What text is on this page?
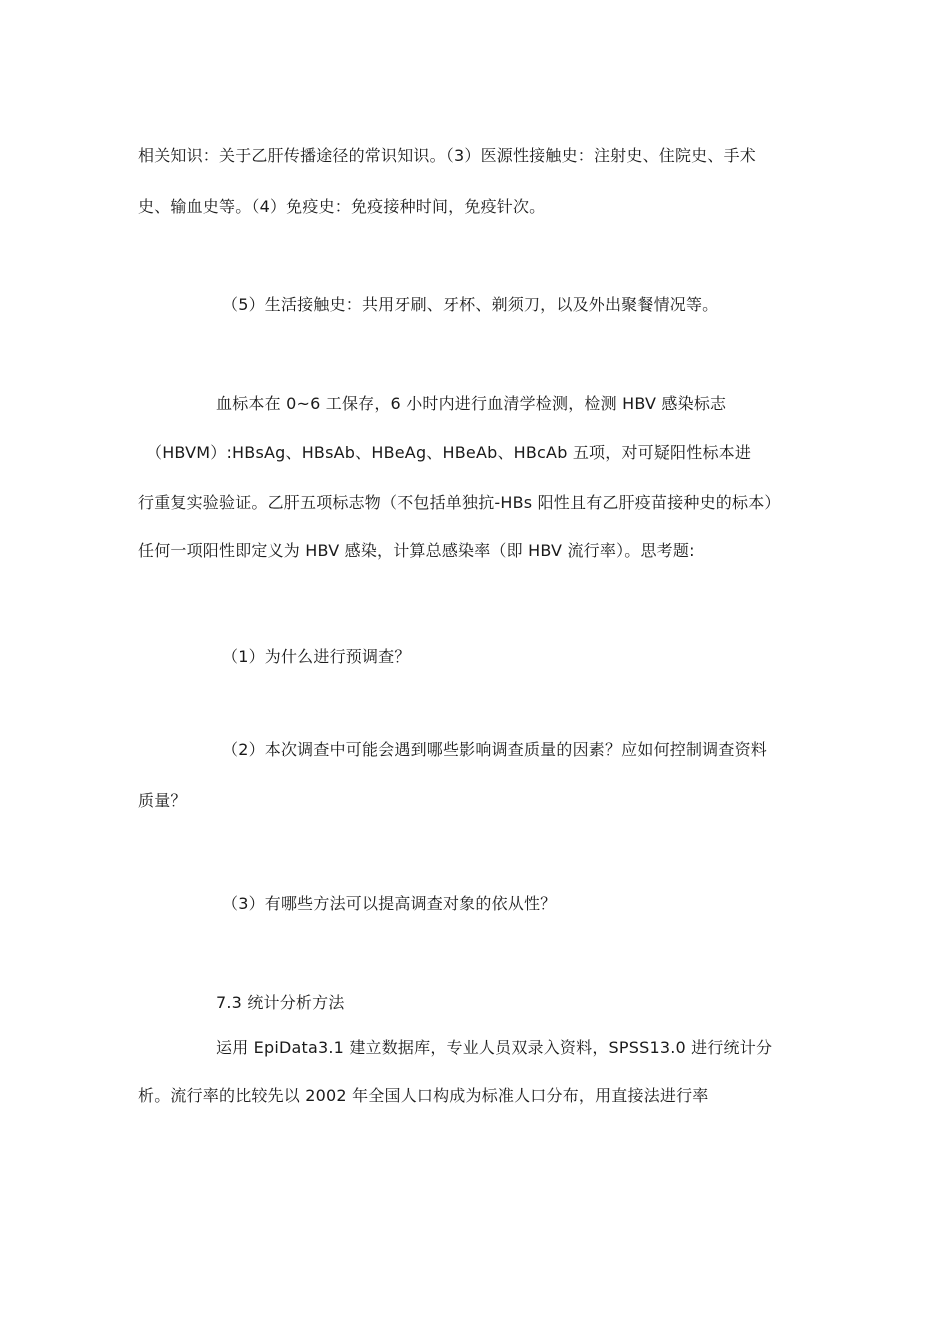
相关知识：关于乙肝传播途径的常识知识。（3）医源性接触史：注射史、住院史、手术
史、输血史等。（4）免疫史：免疫接种时间，免疫针次。
（5）生活接触史：共用牙刷、牙杯、剃须刀，以及外出聚餐情况等。
血标本在 0~6 工保存，6 小时内进行血清学检测，检测 HBV 感染标志
（HBVM）:HBsAg、HBsAb、HBeAg、HBeAb、HBcAb 五项，对可疑阳性标本进
行重复实验验证。乙肝五项标志物（不包括单独抗-HBs 阳性且有乙肝疫苗接种史的标本）
任何一项阳性即定义为 HBV 感染，计算总感染率（即 HBV 流行率）。思考题:
（1）为什么进行预调查？
（2）本次调查中可能会遇到哪些影响调查质量的因素？应如何控制调查资料
质量？
（3）有哪些方法可以提高调查对象的依从性？
7.3 统计分析方法
运用 EpiData3.1 建立数据库，专业人员双录入资料，SPSS13.0 进行统计分
析。流行率的比较先以 2002 年全国人口构成为标准人口分布，用直接法进行率
